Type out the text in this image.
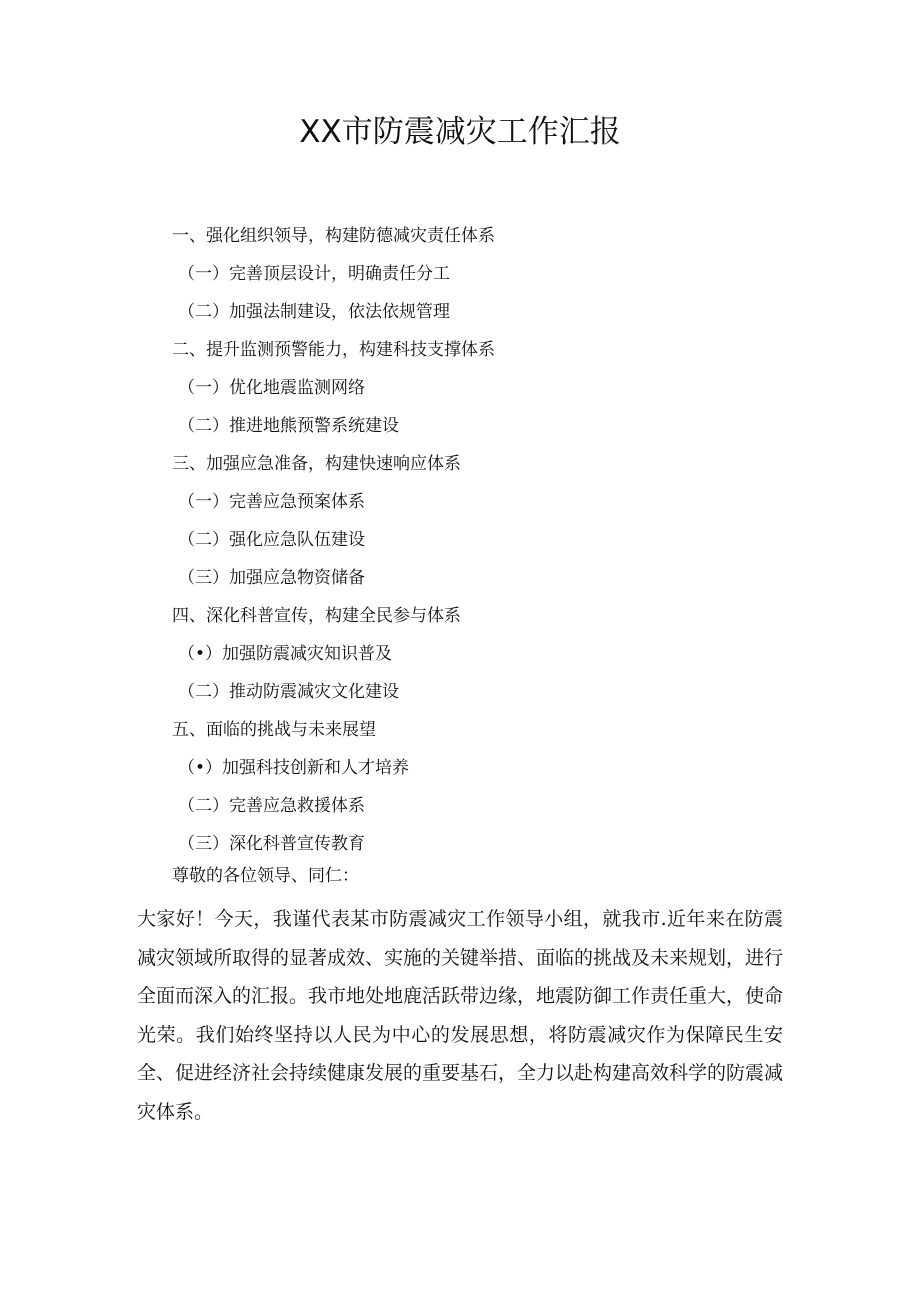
XX市防震减灾工作汇报
一、强化组织领导，构建防德减灾责任体系
（一）完善顶层设计，明确责任分工
（二）加强法制建设，依法依规管理
二、提升监测预警能力，构建科技支撑体系
（一）优化地震监测网络
（二）推进地熊预警系统建设
三、加强应急准备，构建快速响应体系
（一）完善应急预案体系
（二）强化应急队伍建设
（三）加强应急物资储备
四、深化科普宣传，构建全民参与体系
（•）加强防震减灾知识普及
（二）推动防震减灾文化建设
五、面临的挑战与未来展望
（•）加强科技创新和人才培养
（二）完善应急救援体系
（三）深化科普宣传教育

尊敬的各位领导、同仁：

大家好！今天，我谨代表某市防震减灾工作领导小组，就我市.近年来在防震减灾领域所取得的显著成效、实施的关键举措、面临的挑战及未来规划，进行全面而深入的汇报。我市地处地鹿活跃带边缘，地震防御工作责任重大，使命光荣。我们始终坚持以人民为中心的发展思想，将防震减灾作为保障民生安全、促进经济社会持续健康发展的重要基石，全力以赴构建高效科学的防震减灾体系。
